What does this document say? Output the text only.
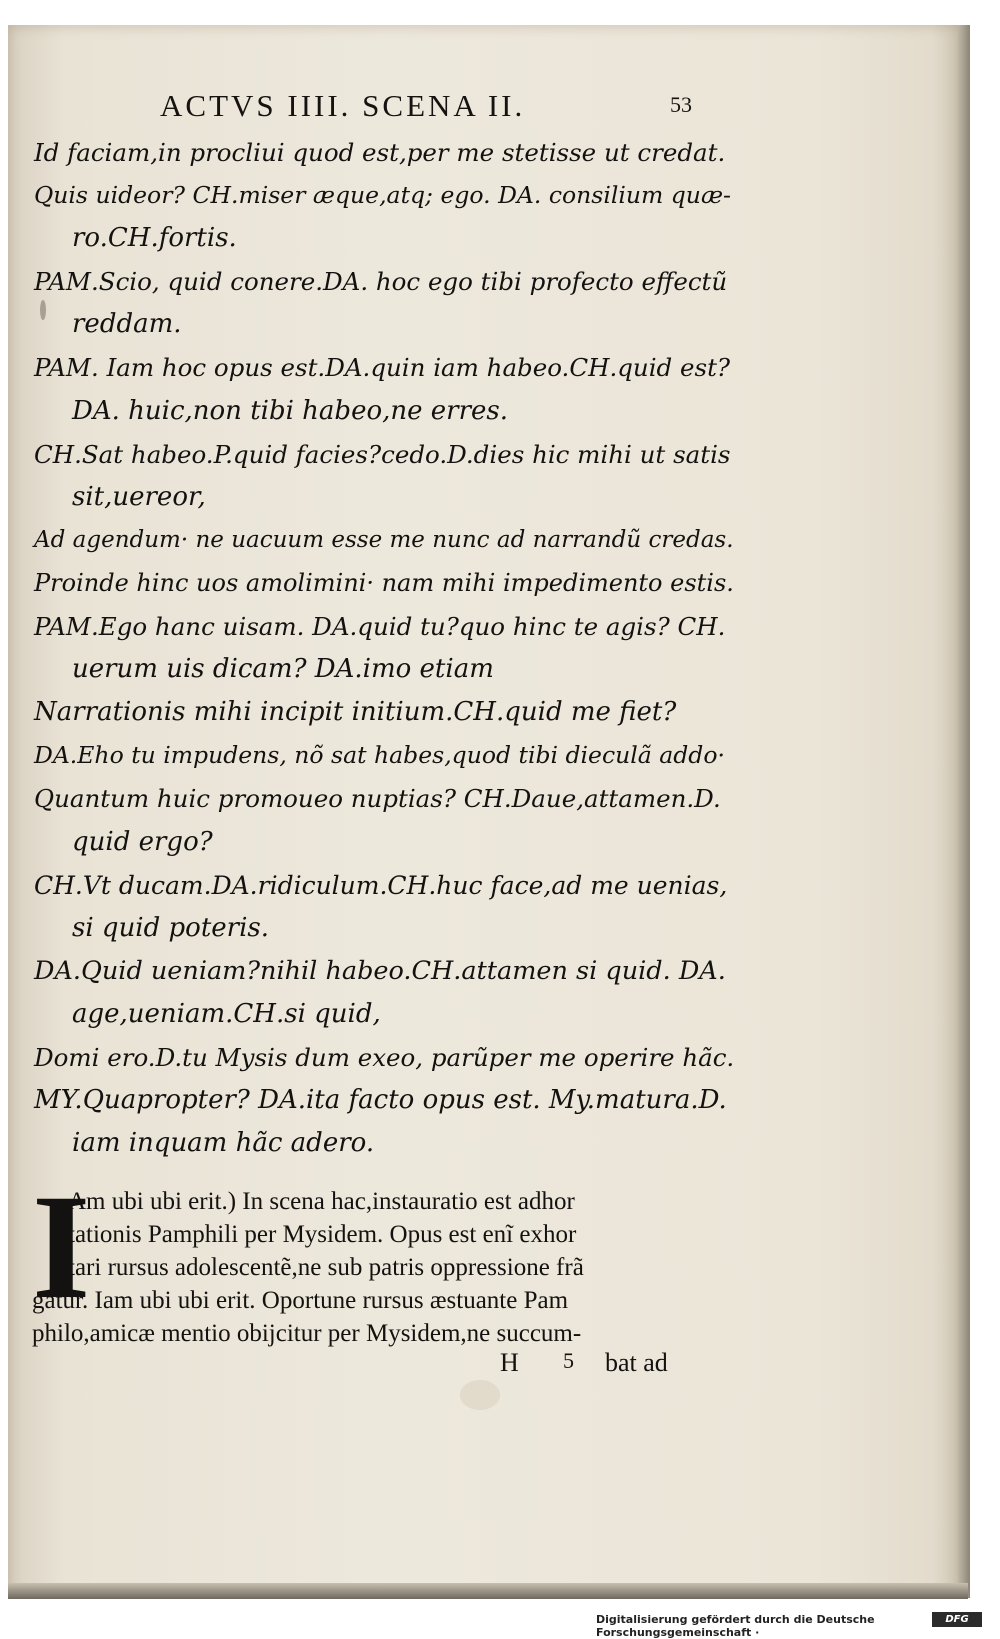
ACTVS IIII. SCENA II.	53
Id faciam,in procliui quod est,per me stetisse ut credat.
Quis uideor? CH.miser æque,atq; ego. DA. consilium quæ-
ro.CH.fortis.
PAM.Scio, quid conere.DA. hoc ego tibi profecto effectũ
reddam.
PAM. Iam hoc opus est.DA.quin iam habeo.CH.quid est?
DA. huic,non tibi habeo,ne erres.
CH.Sat habeo.P.quid facies?cedo.D.dies hic mihi ut satis
sit,uereor,
Ad agendum· ne uacuum esse me nunc ad narrandũ credas.
Proinde hinc uos amolimini· nam mihi impedimento estis.
PAM.Ego hanc uisam. DA.quid tu?quo hinc te agis? CH.
uerum uis dicam? DA.imo etiam
Narrationis mihi incipit initium.CH.quid me fiet?
DA.Eho tu impudens, nõ sat habes,quod tibi dieculã addo·
Quantum huic promoueo nuptias? CH.Daue,attamen.D.
quid ergo?
CH.Vt ducam.DA.ridiculum.CH.huc face,ad me uenias,
si quid poteris.
DA.Quid ueniam?nihil habeo.CH.attamen si quid. DA.
age,ueniam.CH.si quid,
Domi ero.D.tu Mysis dum exeo, parũper me operire hãc.
MY.Quapropter? DA.ita facto opus est. My.matura.D.
iam inquam hãc adero.
I
Am ubi ubi erit.) In scena hac,instauratio est adhor
tationis Pamphili per Mysidem. Opus est enĩ exhor
tari rursus adolescentẽ,ne sub patris oppressione frã
gatur. Iam ubi ubi erit. Oportune rursus æstuante Pam
philo,amicæ mentio obijcitur per Mysidem,ne succum-
H 5 bat ad
Digitalisierung gefördert durch die Deutsche Forschungsgemeinschaft ·
DFG
